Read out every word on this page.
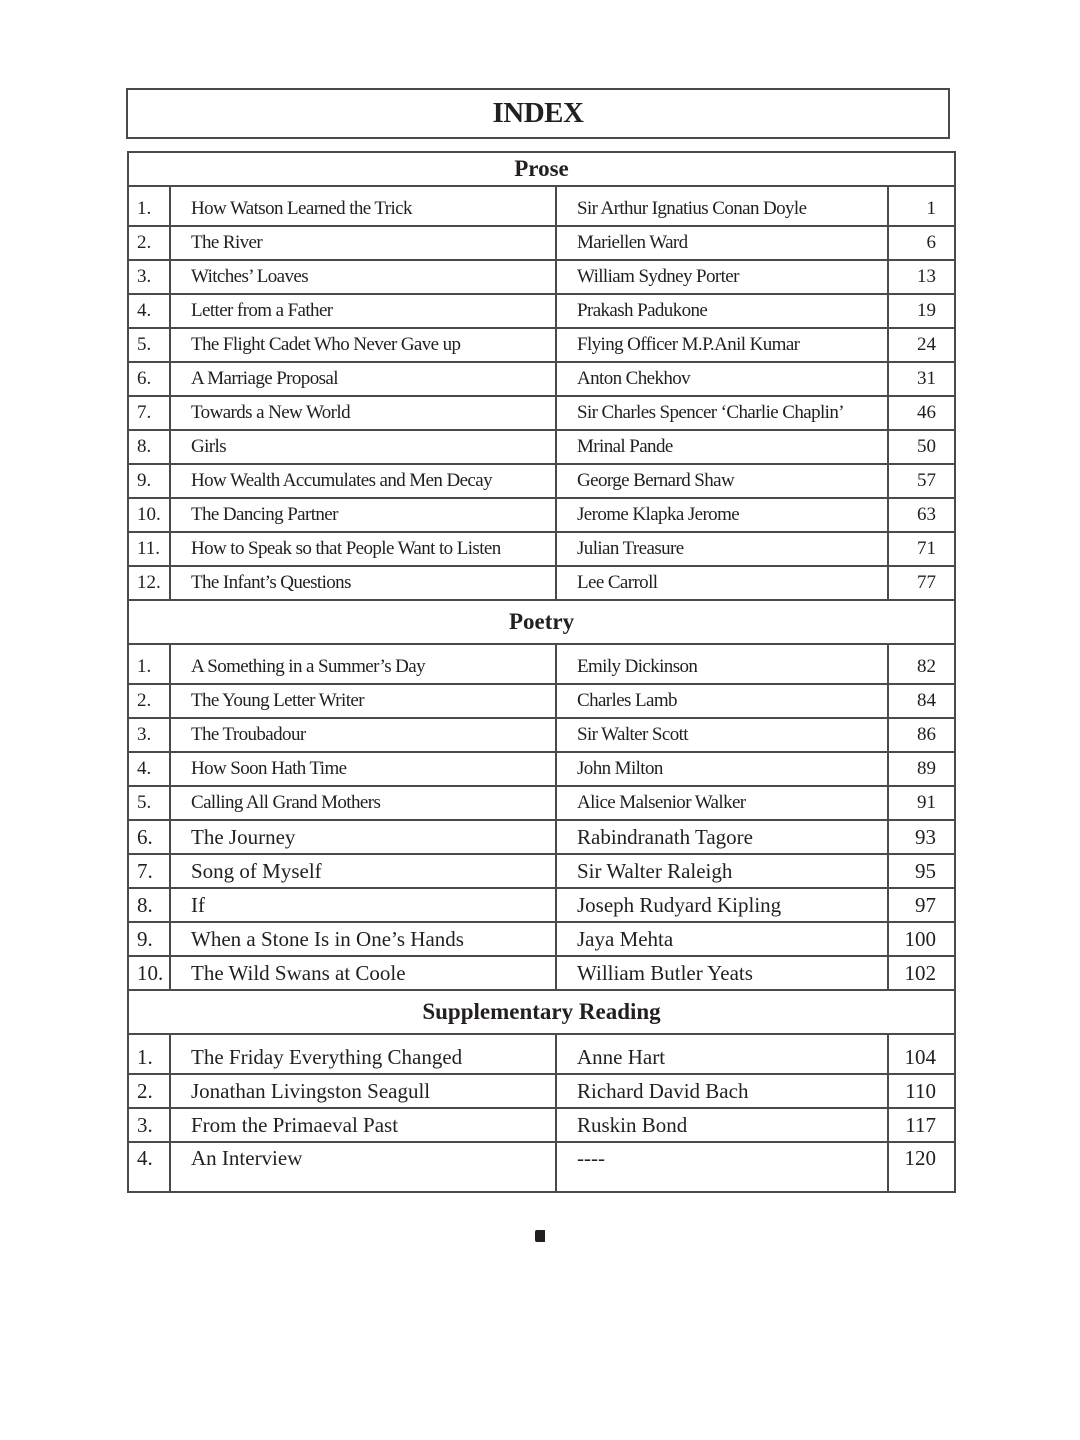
INDEX
Prose			
1.	How Watson Learned the Trick	Sir Arthur Ignatius Conan Doyle	1
2.	The River	Mariellen Ward	6
3.	Witches’ Loaves	William Sydney Porter	13
4.	Letter from a Father	Prakash Padukone	19
5.	The Flight Cadet Who Never Gave up	Flying Officer M.P.Anil Kumar	24
6.	A Marriage Proposal	Anton Chekhov	31
7.	Towards a New World	Sir Charles Spencer ‘Charlie Chaplin’	46
8.	Girls	Mrinal Pande	50
9.	How Wealth Accumulates and Men Decay	George Bernard Shaw	57
10.	The Dancing Partner	Jerome Klapka Jerome	63
11.	How to Speak so that People Want to Listen	Julian Treasure	71
12.	The Infant’s Questions	Lee Carroll	77
Poetry			
1.	A Something in a Summer’s Day	Emily Dickinson	82
2.	The Young Letter Writer	Charles Lamb	84
3.	The Troubadour	Sir Walter Scott	86
4.	How Soon Hath Time	John Milton	89
5.	Calling All Grand Mothers	Alice Malsenior Walker	91
6.	The Journey	Rabindranath Tagore	93
7.	Song of Myself	Sir Walter Raleigh	95
8.	If	Joseph Rudyard Kipling	97
9.	When a Stone Is in One’s Hands	Jaya Mehta	100
10.	The Wild Swans at Coole	William Butler Yeats	102
Supplementary Reading			
1.	The Friday Everything Changed	Anne Hart	104
2.	Jonathan Livingston Seagull	Richard David Bach	110
3.	From the Primaeval Past	Ruskin Bond	117
4.	An Interview	----	120
